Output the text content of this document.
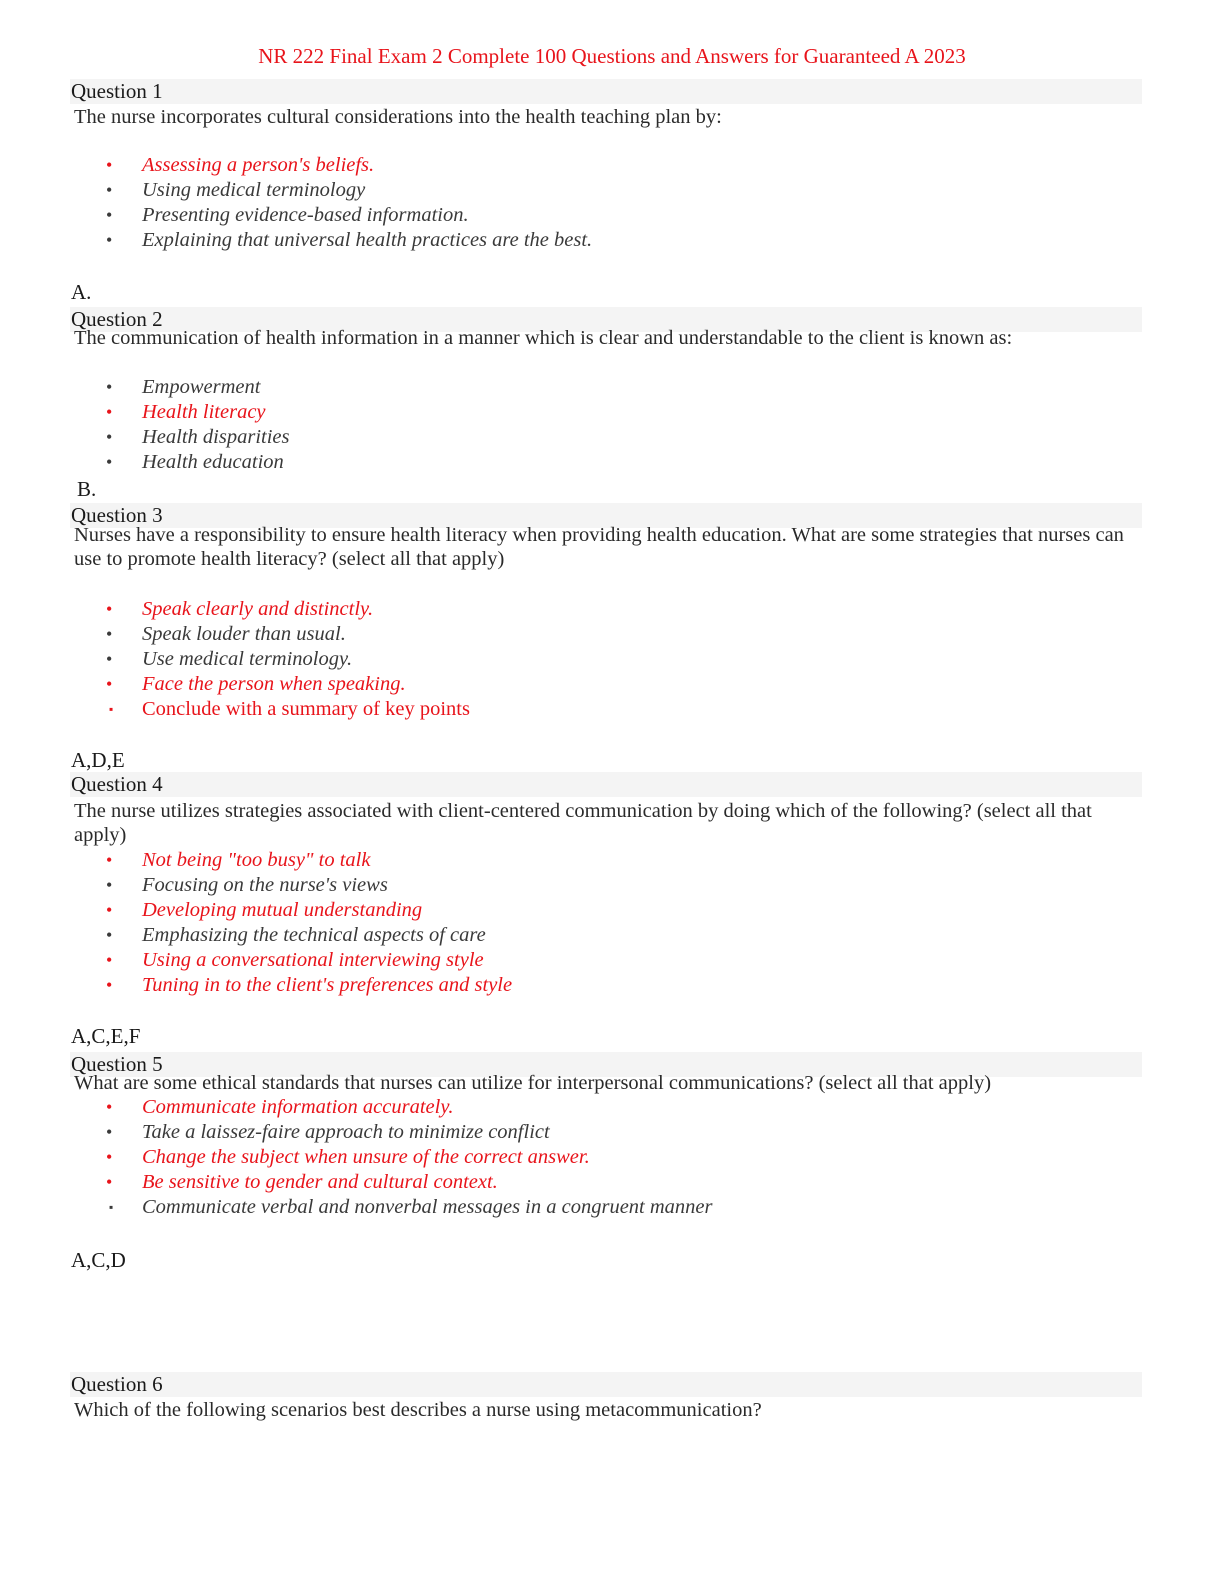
NR 222 Final Exam 2 Complete 100 Questions and Answers for Guaranteed A 2023
Question 1
The nurse incorporates cultural considerations into the health teaching plan by:
• Assessing a person's beliefs.
• Using medical terminology
• Presenting evidence-based information.
• Explaining that universal health practices are the best.
A.
Question 2
The communication of health information in a manner which is clear and understandable to the client is known as:
• Empowerment
• Health literacy
• Health disparities
• Health education
B.
Question 3
Nurses have a responsibility to ensure health literacy when providing health education. What are some strategies that nurses can use to promote health literacy? (select all that apply)
• Speak clearly and distinctly.
• Speak louder than usual.
• Use medical terminology.
• Face the person when speaking.
▪ Conclude with a summary of key points
A,D,E
Question 4
The nurse utilizes strategies associated with client-centered communication by doing which of the following? (select all that apply)
• Not being "too busy" to talk
• Focusing on the nurse's views
• Developing mutual understanding
• Emphasizing the technical aspects of care
• Using a conversational interviewing style
• Tuning in to the client's preferences and style
A,C,E,F
Question 5
What are some ethical standards that nurses can utilize for interpersonal communications? (select all that apply)
• Communicate information accurately.
• Take a laissez-faire approach to minimize conflict
• Change the subject when unsure of the correct answer.
• Be sensitive to gender and cultural context.
▪ Communicate verbal and nonverbal messages in a congruent manner
A,C,D
Question 6
Which of the following scenarios best describes a nurse using metacommunication?
